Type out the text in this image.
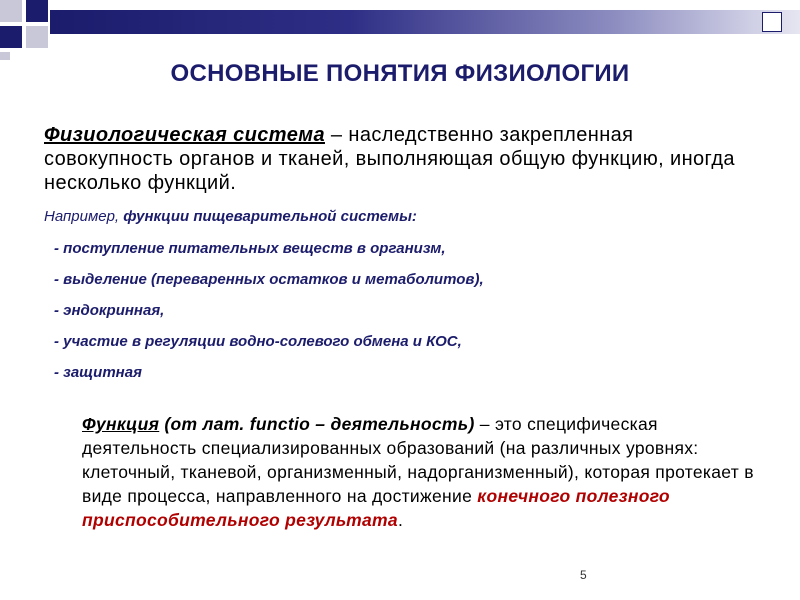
ОСНОВНЫЕ ПОНЯТИЯ ФИЗИОЛОГИИ
Физиологическая система – наследственно закрепленная совокупность органов и тканей, выполняющая общую функцию, иногда несколько функций.
Например, функции пищеварительной системы:
- поступление питательных веществ в организм,
- выделение (переваренных остатков и метаболитов),
- эндокринная,
- участие в регуляции водно-солевого обмена и КОС,
- защитная
Функция (от лат. functio – деятельность) – это специфическая деятельность специализированных образований (на различных уровнях: клеточный, тканевой, организменный, надорганизменный), которая протекает в виде процесса, направленного на достижение конечного полезного приспособительного результата.
5
